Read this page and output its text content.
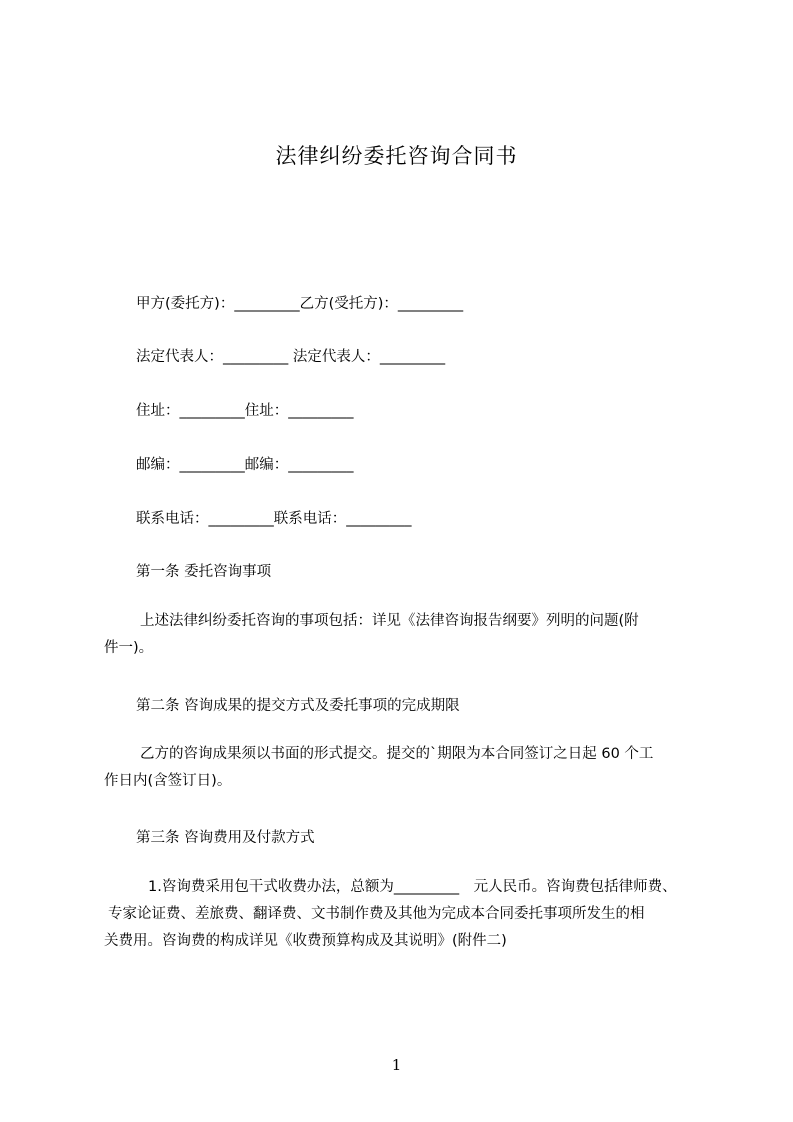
法律纠纷委托咨询合同书
甲方(委托方)：_________乙方(受托方)：_________
法定代表人：_________ 法定代表人：_________
住址：_________住址：_________
邮编：_________邮编：_________
联系电话：_________联系电话：_________
第一条 委托咨询事项
上述法律纠纷委托咨询的事项包括：详见《法律咨询报告纲要》列明的问题(附
件一)。
第二条 咨询成果的提交方式及委托事项的完成期限
乙方的咨询成果须以书面的形式提交。提交的`期限为本合同签订之日起 60 个工
作日内(含签订日)。
第三条 咨询费用及付款方式
1.咨询费采用包干式收费办法，总额为_________　元人民币。咨询费包括律师费、
专家论证费、差旅费、翻译费、文书制作费及其他为完成本合同委托事项所发生的相
关费用。咨询费的构成详见《收费预算构成及其说明》(附件二)
1
